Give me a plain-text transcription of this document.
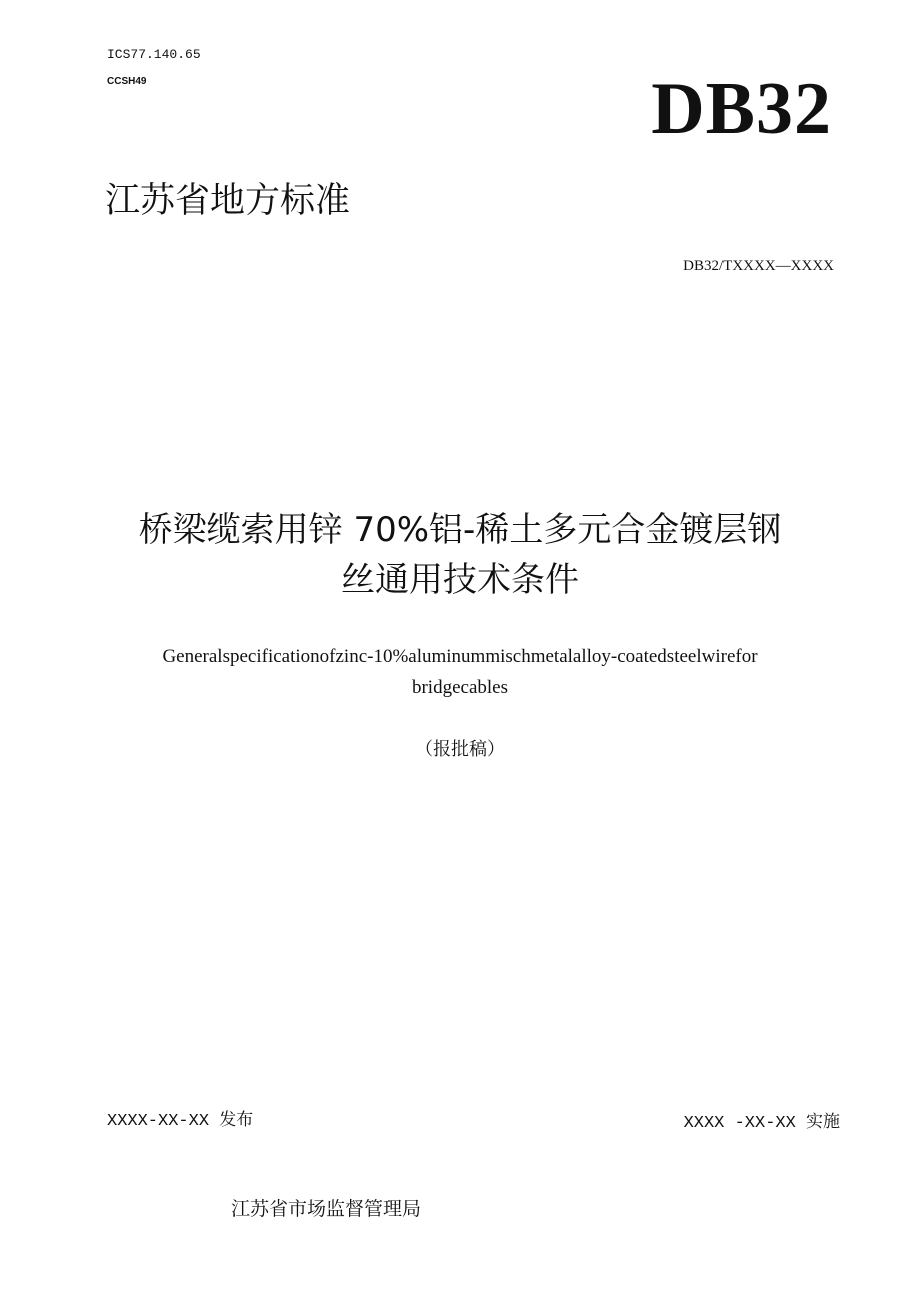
ICS77.140.65
CCSH49	DB32
江苏省地方标准
DB32/TXXXX—XXXX
桥梁缆索用锌 70%铝-稀土多元合金镀层钢
丝通用技术条件
Generalspecificationofzinc-10%aluminummischmetalalloy-coatedsteelwirefor
bridgecables
（报批稿）
XXXX-XX-XX 发布	XXXX -XX-XX 实施
江苏省市场监督管理局
